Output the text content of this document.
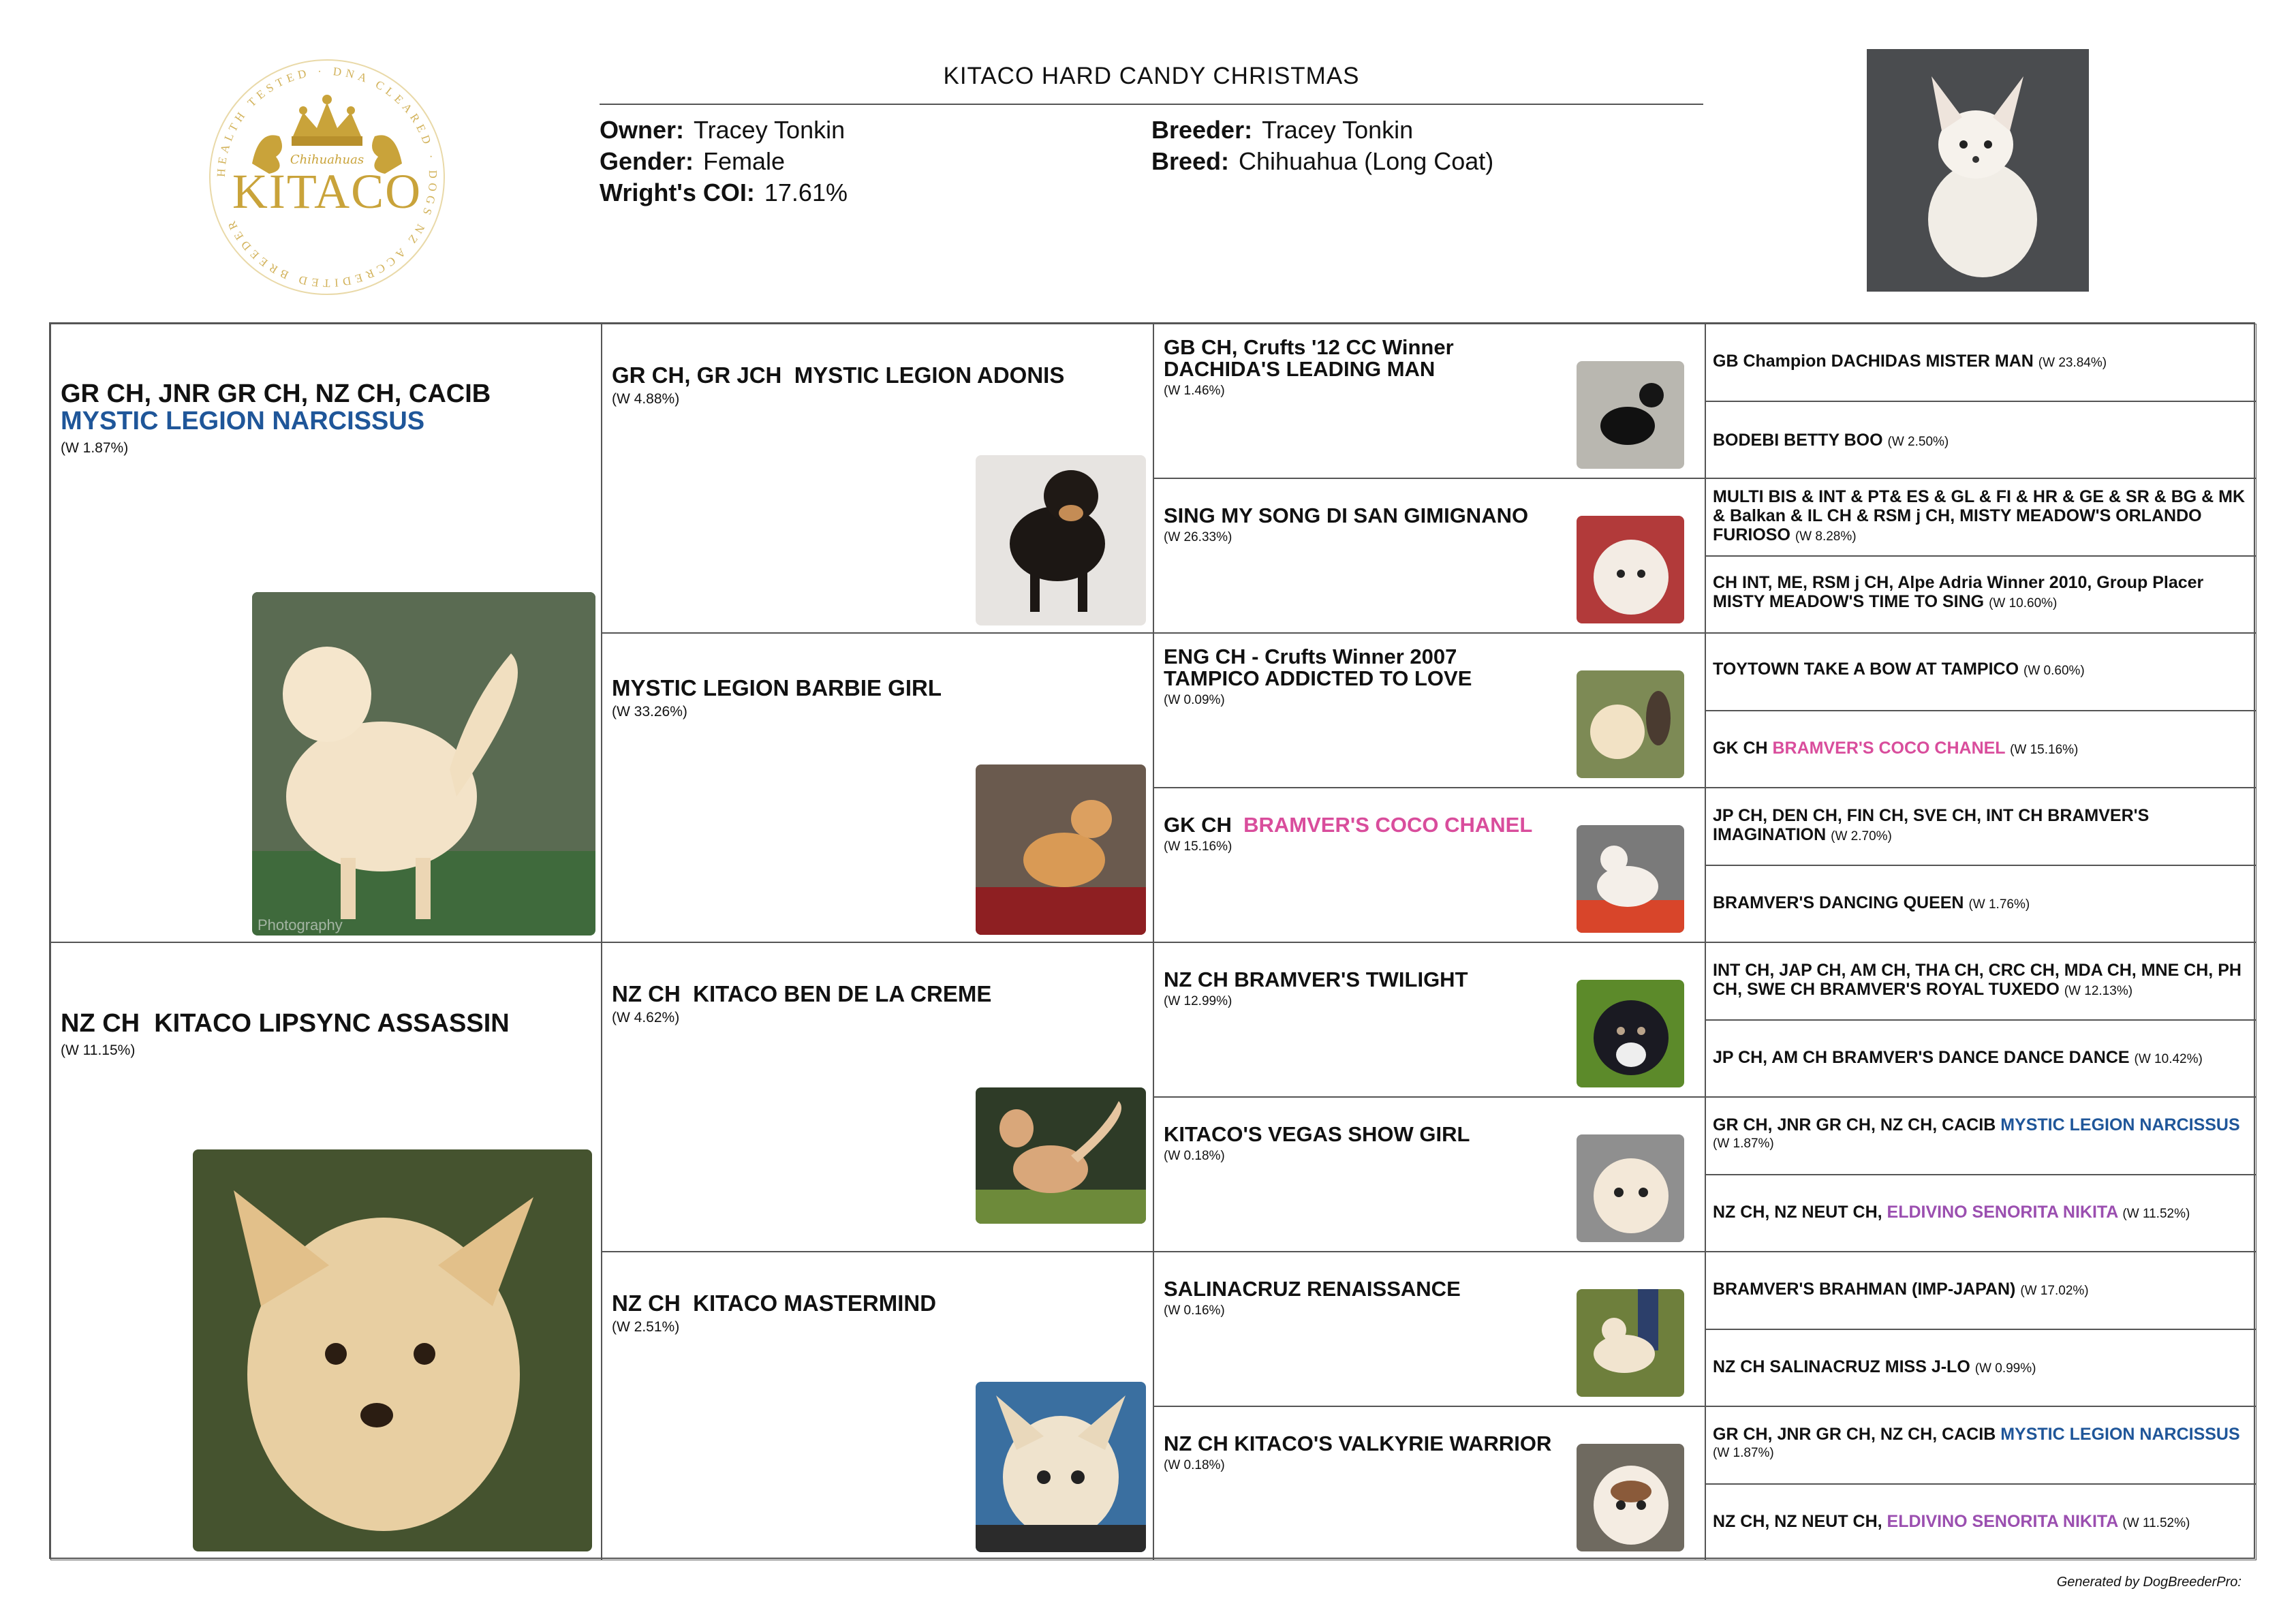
HEALTH TESTED · DNA CLEARED · DOGS NZ ACCREDITED BREEDER
Chihuahuas
KITACO
KITACO HARD CANDY CHRISTMAS
Owner: Tracey Tonkin
Gender: Female
Wright's COI: 17.61%
Breeder: Tracey Tonkin
Breed: Chihuahua (Long Coat)
GR CH, JNR GR CH, NZ CH, CACIB  MYSTIC LEGION NARCISSUS
(W 1.87%)
Photography
NZ CH KITACO LIPSYNC ASSASSIN
(W 11.15%)
GR CH, GR JCH MYSTIC LEGION ADONIS
(W 4.88%)
MYSTIC LEGION BARBIE GIRL
(W 33.26%)
NZ CH KITACO BEN DE LA CREME
(W 4.62%)
NZ CH KITACO MASTERMIND
(W 2.51%)
GB CH, Crufts '12 CC Winner
DACHIDA'S LEADING MAN
(W 1.46%)
SING MY SONG DI SAN GIMIGNANO
(W 26.33%)
ENG CH - Crufts Winner 2007
TAMPICO ADDICTED TO LOVE
(W 0.09%)
GK CH BRAMVER'S COCO CHANEL
(W 15.16%)
NZ CH BRAMVER'S TWILIGHT
(W 12.99%)
KITACO'S VEGAS SHOW GIRL
(W 0.18%)
SALINACRUZ RENAISSANCE
(W 0.16%)
NZ CH KITACO'S VALKYRIE WARRIOR
(W 0.18%)
GB Champion DACHIDAS MISTER MAN (W 23.84%)
BODEBI BETTY BOO (W 2.50%)
MULTI BIS & INT & PT& ES & GL & FI & HR & GE & SR & BG & MK & Balkan & IL CH & RSM j CH, MISTY MEADOW'S ORLANDO FURIOSO (W 8.28%)
CH INT, ME, RSM j CH, Alpe Adria Winner 2010, Group Placer MISTY MEADOW'S TIME TO SING (W 10.60%)
TOYTOWN TAKE A BOW AT TAMPICO (W 0.60%)
GK CH BRAMVER'S COCO CHANEL (W 15.16%)
JP CH, DEN CH, FIN CH, SVE CH, INT CH BRAMVER'S IMAGINATION (W 2.70%)
BRAMVER'S DANCING QUEEN (W 1.76%)
INT CH, JAP CH, AM CH, THA CH, CRC CH, MDA CH, MNE CH, PH CH, SWE CH BRAMVER'S ROYAL TUXEDO (W 12.13%)
JP CH, AM CH BRAMVER'S DANCE DANCE DANCE (W 10.42%)
GR CH, JNR GR CH, NZ CH, CACIB MYSTIC LEGION NARCISSUS
(W 1.87%)
NZ CH, NZ NEUT CH, ELDIVINO SENORITA NIKITA (W 11.52%)
BRAMVER'S BRAHMAN (IMP-JAPAN) (W 17.02%)
NZ CH SALINACRUZ MISS J-LO (W 0.99%)
GR CH, JNR GR CH, NZ CH, CACIB MYSTIC LEGION NARCISSUS
(W 1.87%)
NZ CH, NZ NEUT CH, ELDIVINO SENORITA NIKITA (W 11.52%)
Generated by DogBreederPro:
